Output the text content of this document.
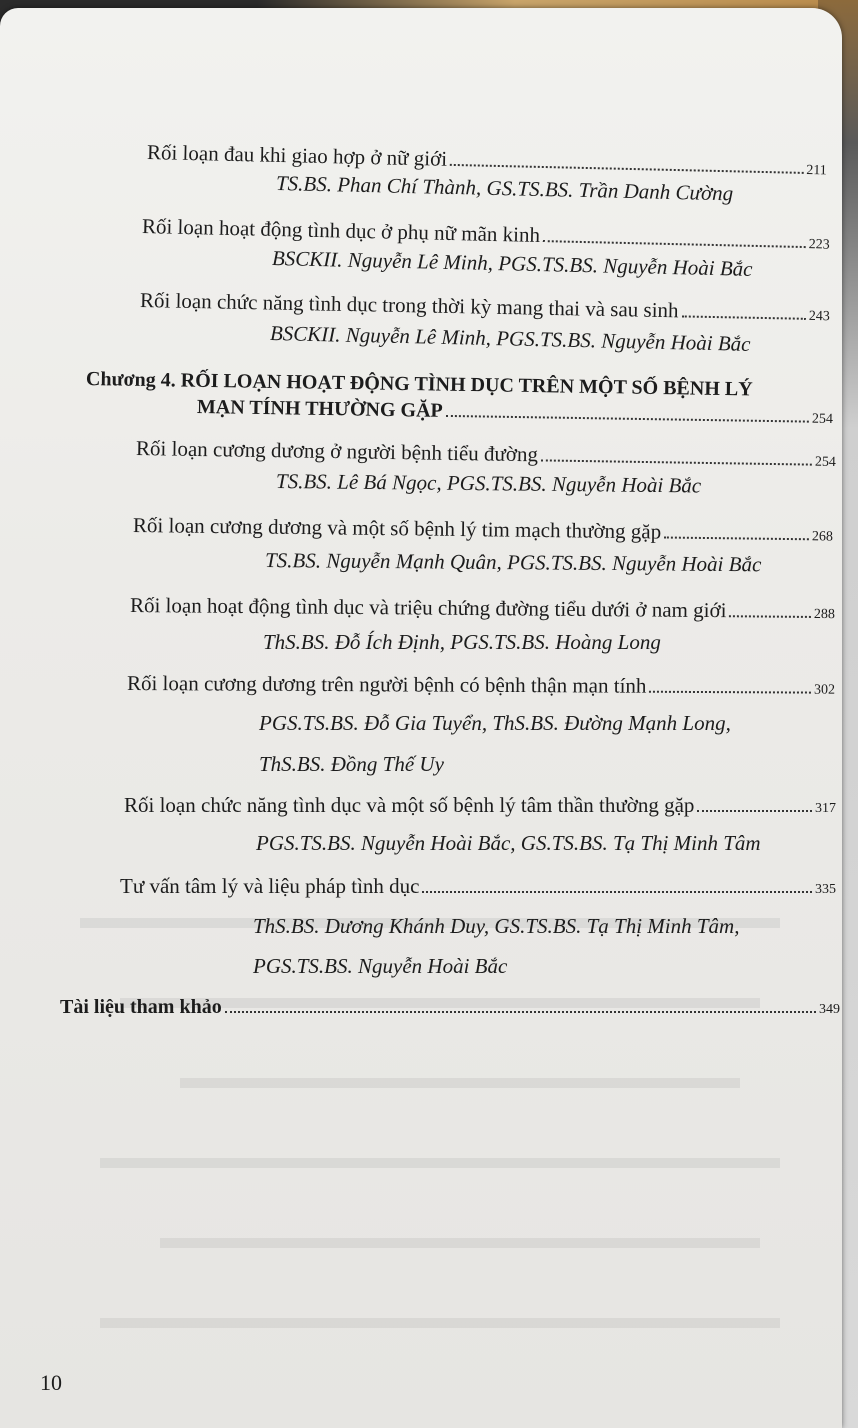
Rối loạn đau khi giao hợp ở nữ giới	211
TS.BS. Phan Chí Thành, GS.TS.BS. Trần Danh Cường
Rối loạn hoạt động tình dục ở phụ nữ mãn kinh	223
BSCKII. Nguyễn Lê Minh, PGS.TS.BS. Nguyễn Hoài Bắc
Rối loạn chức năng tình dục trong thời kỳ mang thai và sau sinh	243
BSCKII. Nguyễn Lê Minh, PGS.TS.BS. Nguyễn Hoài Bắc
Chương 4. RỐI LOẠN HOẠT ĐỘNG TÌNH DỤC TRÊN MỘT SỐ BỆNH LÝ
MẠN TÍNH THƯỜNG GẶP	254
Rối loạn cương dương ở người bệnh tiểu đường	254
TS.BS. Lê Bá Ngọc, PGS.TS.BS. Nguyễn Hoài Bắc
Rối loạn cương dương và một số bệnh lý tim mạch thường gặp	268
TS.BS. Nguyễn Mạnh Quân, PGS.TS.BS. Nguyễn Hoài Bắc
Rối loạn hoạt động tình dục và triệu chứng đường tiểu dưới ở nam giới	288
ThS.BS. Đỗ Ích Định, PGS.TS.BS. Hoàng Long
Rối loạn cương dương trên người bệnh có bệnh thận mạn tính	302
PGS.TS.BS. Đỗ Gia Tuyển, ThS.BS. Đường Mạnh Long,
ThS.BS. Đồng Thế Uy
Rối loạn chức năng tình dục và một số bệnh lý tâm thần thường gặp	317
PGS.TS.BS. Nguyễn Hoài Bắc, GS.TS.BS. Tạ Thị Minh Tâm
Tư vấn tâm lý và liệu pháp tình dục	335
ThS.BS. Dương Khánh Duy, GS.TS.BS. Tạ Thị Minh Tâm,
PGS.TS.BS. Nguyễn Hoài Bắc
Tài liệu tham khảo	349
10
